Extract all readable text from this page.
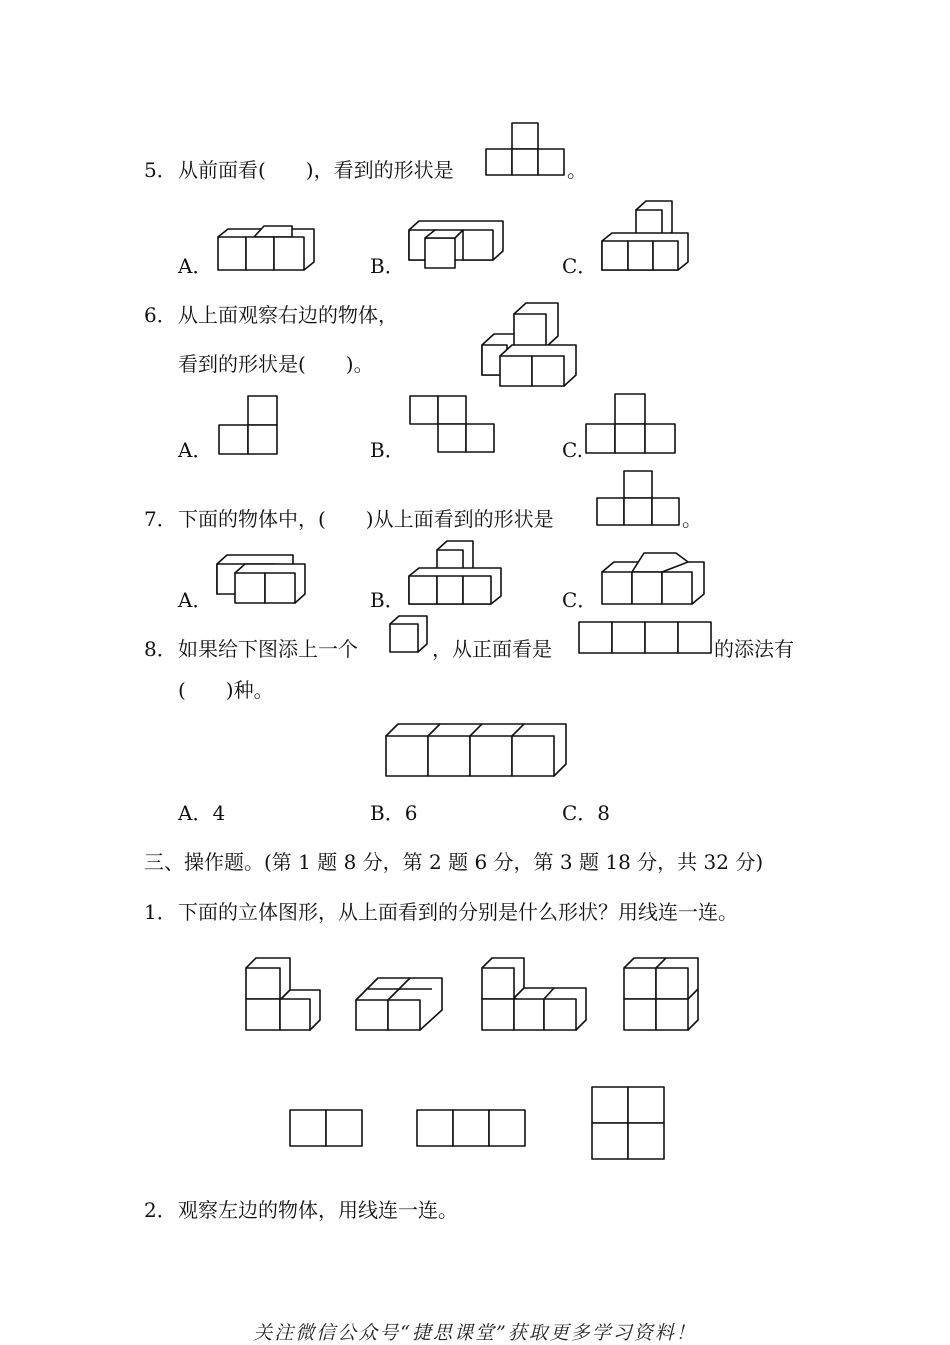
5． 从前面看(　　)，看到的形状是	。
A．	B．	C．
6． 从上面观察右边的物体，
看到的形状是(　　)。
A．	B．	C.
7． 下面的物体中，(　　)从上面看到的形状是	。
A．	B．	C．
8． 如果给下图添上一个	，从正面看是	的添法有
(　　)种。
A．4	B．6	C．8
三、操作题。(第 1 题 8 分，第 2 题 6 分，第 3 题 18 分，共 32 分)
1． 下面的立体图形，从上面看到的分别是什么形状？用线连一连。
2． 观察左边的物体，用线连一连。
关注微信公众号“捷思课堂”获取更多学习资料！
